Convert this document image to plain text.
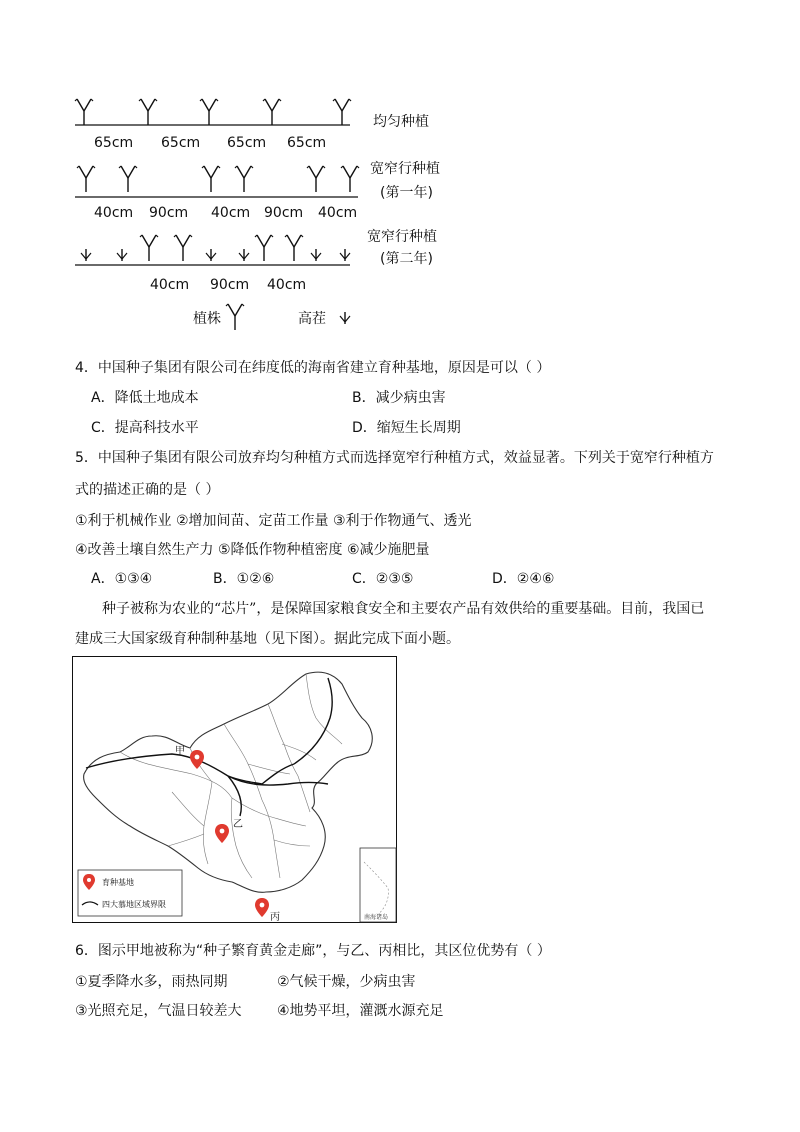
65cm 65cm 65cm 65cm
均匀种植
40cm 90cm 40cm 90cm 40cm
宽窄行种植
(第一年)
40cm 90cm 40cm
宽窄行种植
(第二年)
植株	高茬
4．中国种子集团有限公司在纬度低的海南省建立育种基地，原因是可以（ ）
A．降低土地成本	B．减少病虫害
C．提高科技水平	D．缩短生长周期
5．中国种子集团有限公司放弃均匀种植方式而选择宽窄行种植方式，效益显著。下列关于宽窄行种植方
式的描述正确的是（ ）
①利于机械作业 ②增加间苗、定苗工作量 ③利于作物通气、透光
④改善土壤自然生产力 ⑤降低作物种植密度 ⑥减少施肥量
A．①③④	B．①②⑥	C．②③⑤	D．②④⑥
种子被称为农业的“芯片”，是保障国家粮食安全和主要农产品有效供给的重要基础。目前，我国已
建成三大国家级育种制种基地（见下图）。据此完成下面小题。
南海诸岛
育种基地
四大慕地区域界限
甲
乙
丙
6．图示甲地被称为“种子繁育黄金走廊”，与乙、丙相比，其区位优势有（ ）
①夏季降水多，雨热同期	②气候干燥，少病虫害
③光照充足，气温日较差大	④地势平坦，灌溉水源充足
